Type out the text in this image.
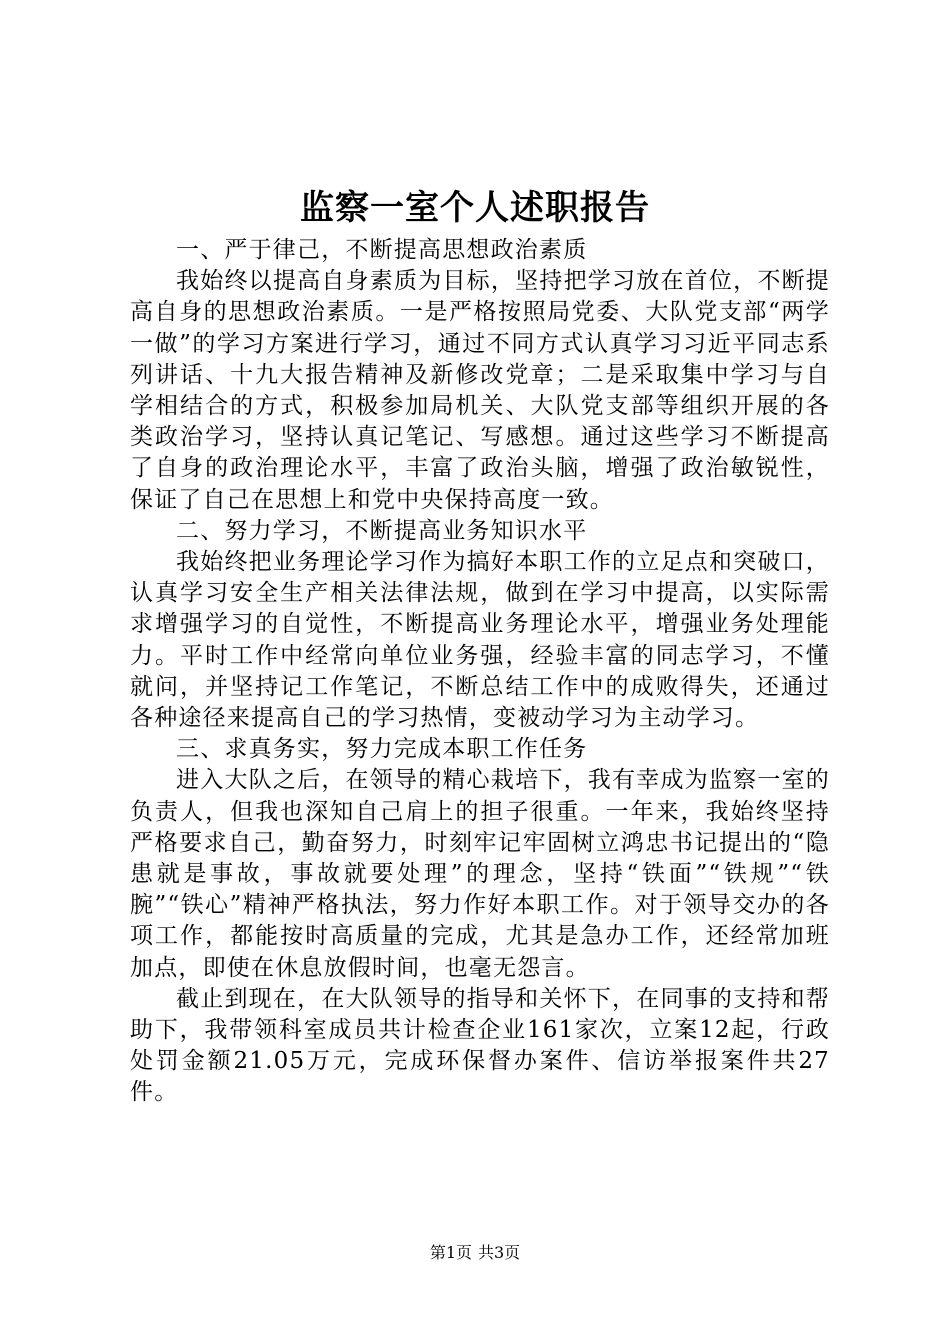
监察一室个人述职报告

一、严于律己，不断提高思想政治素质

我始终以提高自身素质为目标，坚持把学习放在首位，不断提高自身的思想政治素质。一是严格按照局党委、大队党支部“两学一做”的学习方案进行学习，通过不同方式认真学习习近平同志系列讲话、十九大报告精神及新修改党章；二是采取集中学习与自学相结合的方式，积极参加局机关、大队党支部等组织开展的各类政治学习，坚持认真记笔记、写感想。通过这些学习不断提高了自身的政治理论水平，丰富了政治头脑，增强了政治敏锐性，保证了自己在思想上和党中央保持高度一致。

二、努力学习，不断提高业务知识水平

我始终把业务理论学习作为搞好本职工作的立足点和突破口，认真学习安全生产相关法律法规，做到在学习中提高，以实际需求增强学习的自觉性，不断提高业务理论水平，增强业务处理能力。平时工作中经常向单位业务强，经验丰富的同志学习，不懂就问，并坚持记工作笔记，不断总结工作中的成败得失，还通过各种途径来提高自己的学习热情，变被动学习为主动学习。

三、求真务实，努力完成本职工作任务

进入大队之后，在领导的精心栽培下，我有幸成为监察一室的负责人，但我也深知自己肩上的担子很重。一年来，我始终坚持严格要求自己，勤奋努力，时刻牢记牢固树立鸿忠书记提出的“隐患就是事故，事故就要处理”的理念，坚持“铁面”“铁规”“铁腕”“铁心”精神严格执法，努力作好本职工作。对于领导交办的各项工作，都能按时高质量的完成，尤其是急办工作，还经常加班加点，即使在休息放假时间，也毫无怨言。

截止到现在，在大队领导的指导和关怀下，在同事的支持和帮助下，我带领科室成员共计检查企业161家次，立案12起，行政处罚金额21.05万元，完成环保督办案件、信访举报案件共27件。

第1页 共3页
